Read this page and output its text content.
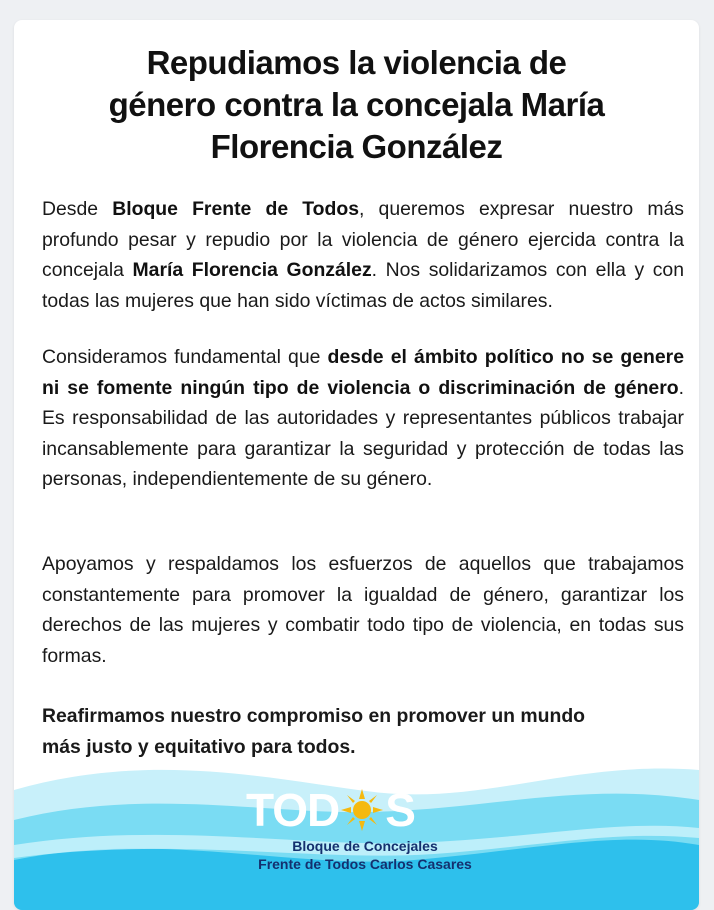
Repudiamos la violencia de
género contra la concejala María
Florencia González

Desde Bloque Frente de Todos, queremos expresar nuestro más profundo pesar y repudio por la violencia de género ejercida contra la concejala María Florencia González. Nos solidarizamos con ella y con todas las mujeres que han sido víctimas de actos similares.

Consideramos fundamental que desde el ámbito político no se genere ni se fomente ningún tipo de violencia o discriminación de género. Es responsabilidad de las autoridades y representantes públicos trabajar incansablemente para garantizar la seguridad y protección de todas las personas, independientemente de su género.

Apoyamos y respaldamos los esfuerzos de aquellos que trabajamos constantemente para promover la igualdad de género, garantizar los derechos de las mujeres y combatir todo tipo de violencia, en todas sus formas.

Reafirmamos nuestro compromiso en promover un mundo
más justo y equitativo para todos.

TOD S

Bloque de Concejales

Frente de Todos Carlos Casares
